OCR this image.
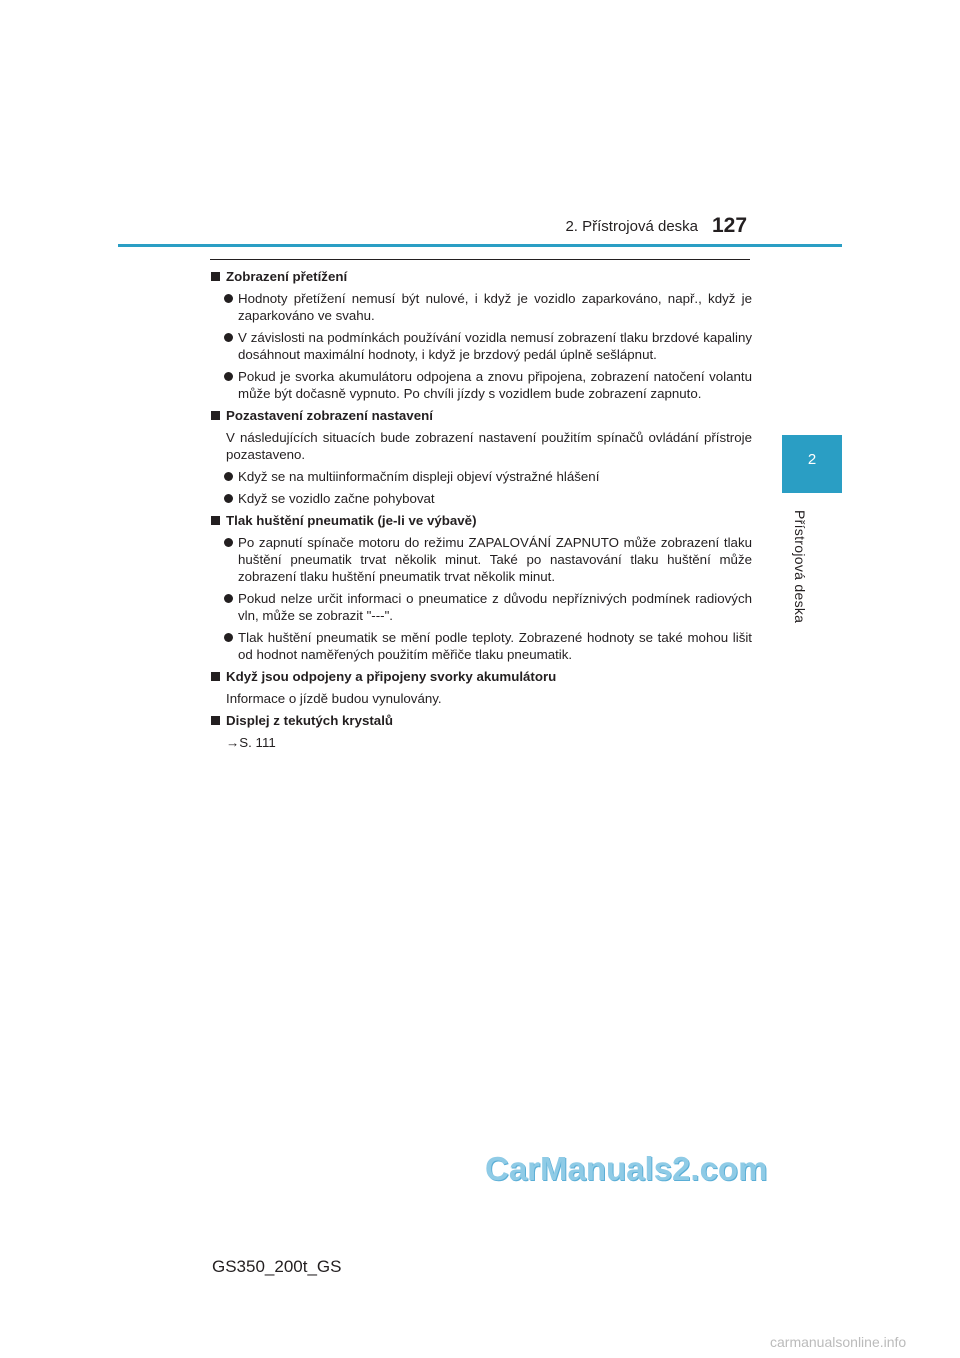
2. Přístrojová deska 127
2
Přístrojová deska
Zobrazení přetížení
Hodnoty přetížení nemusí být nulové, i když je vozidlo zaparkováno, např., když je zaparkováno ve svahu.
V závislosti na podmínkách používání vozidla nemusí zobrazení tlaku brzdové kapaliny dosáhnout maximální hodnoty, i když je brzdový pedál úplně sešlápnut.
Pokud je svorka akumulátoru odpojena a znovu připojena, zobrazení natočení volantu může být dočasně vypnuto. Po chvíli jízdy s vozidlem bude zobrazení zapnuto.
Pozastavení zobrazení nastavení
V následujících situacích bude zobrazení nastavení použitím spínačů ovládání přístroje pozastaveno.
Když se na multiinformačním displeji objeví výstražné hlášení
Když se vozidlo začne pohybovat
Tlak huštění pneumatik (je-li ve výbavě)
Po zapnutí spínače motoru do režimu ZAPALOVÁNÍ ZAPNUTO může zobrazení tlaku huštění pneumatik trvat několik minut. Také po nastavování tlaku huštění může zobrazení tlaku huštění pneumatik trvat několik minut.
Pokud nelze určit informaci o pneumatice z důvodu nepříznivých podmínek radiových vln, může se zobrazit "---".
Tlak huštění pneumatik se mění podle teploty. Zobrazené hodnoty se také mohou lišit od hodnot naměřených použitím měřiče tlaku pneumatik.
Když jsou odpojeny a připojeny svorky akumulátoru
Informace o jízdě budou vynulovány.
Displej z tekutých krystalů
→S. 111
CarManuals2.com
GS350_200t_GS
carmanualsonline.info
